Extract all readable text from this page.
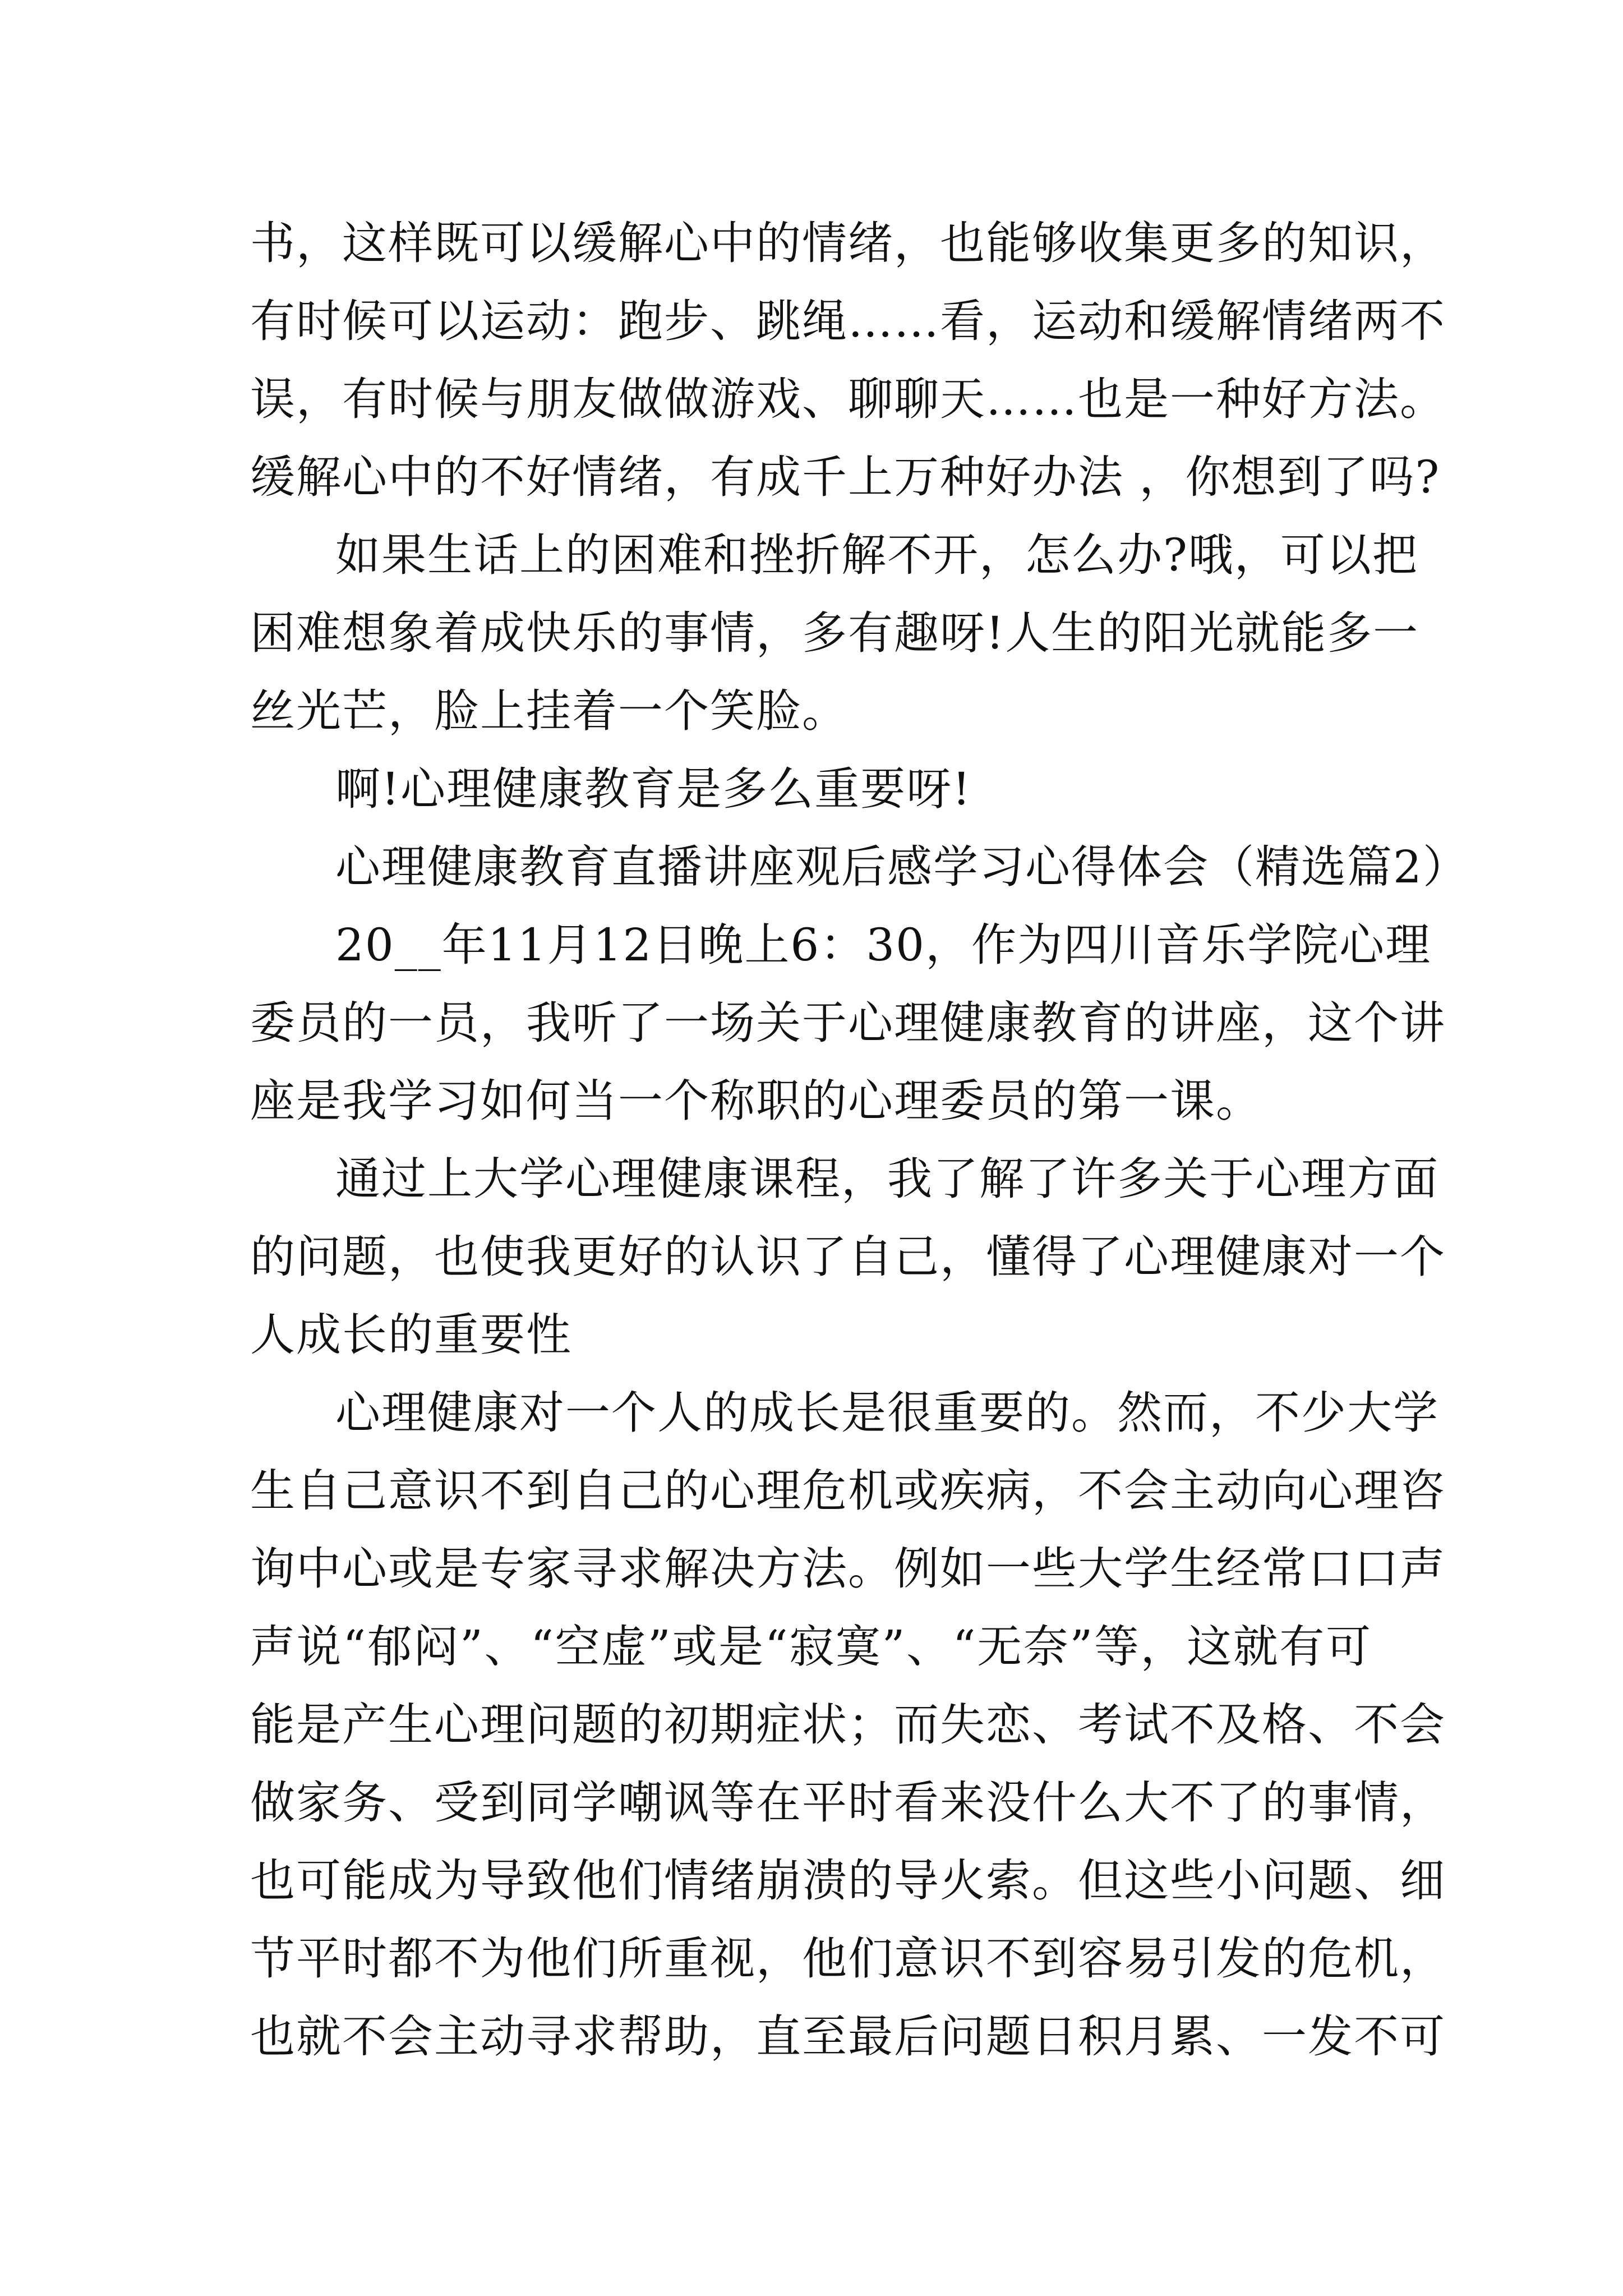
书，这样既可以缓解心中的情绪，也能够收集更多的知识，
有时候可以运动：跑步、跳绳……看，运动和缓解情绪两不
误，有时候与朋友做做游戏、聊聊天……也是一种好方法。
缓解心中的不好情绪，有成千上万种好办法 ，你想到了吗?
如果生话上的困难和挫折解不开，怎么办?哦，可以把
困难想象着成快乐的事情，多有趣呀!人生的阳光就能多一
丝光芒，脸上挂着一个笑脸。
啊!心理健康教育是多么重要呀!
心理健康教育直播讲座观后感学习心得体会（精选篇2）
20__年11月12日晚上6：30，作为四川音乐学院心理
委员的一员，我听了一场关于心理健康教育的讲座，这个讲
座是我学习如何当一个称职的心理委员的第一课。
通过上大学心理健康课程，我了解了许多关于心理方面
的问题，也使我更好的认识了自己，懂得了心理健康对一个
人成长的重要性
心理健康对一个人的成长是很重要的。然而，不少大学
生自己意识不到自己的心理危机或疾病，不会主动向心理咨
询中心或是专家寻求解决方法。例如一些大学生经常口口声
声说“郁闷”、“空虚”或是“寂寞”、“无奈”等，这就有可
能是产生心理问题的初期症状；而失恋、考试不及格、不会
做家务、受到同学嘲讽等在平时看来没什么大不了的事情，
也可能成为导致他们情绪崩溃的导火索。但这些小问题、细
节平时都不为他们所重视，他们意识不到容易引发的危机，
也就不会主动寻求帮助，直至最后问题日积月累、一发不可
